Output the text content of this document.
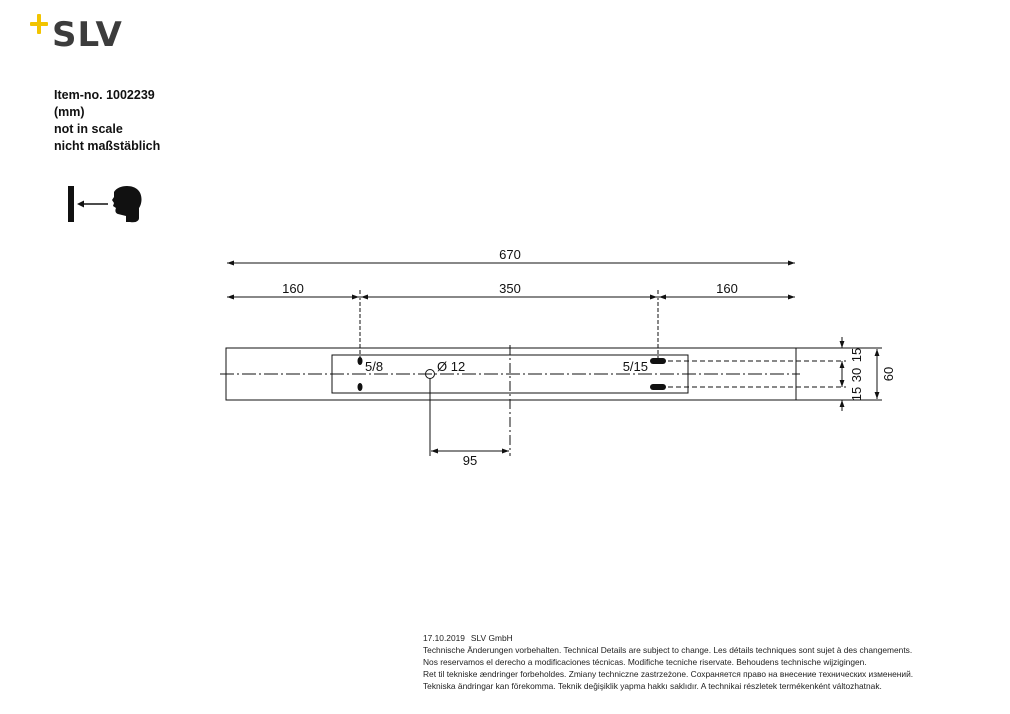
SLV
Item-no. 1002239
(mm)
not in scale
nicht maßstäblich
670
160	350	160
5/8	Ø 12	5/15
95
15
30
15
60
17.10.2019 SLV GmbH
Technische Änderungen vorbehalten. Technical Details are subject to change. Les détails techniques sont sujet à des changements.
Nos reservamos el derecho a modificaciones técnicas. Modifiche tecniche riservate. Behoudens technische wijzigingen.
Ret til tekniske ændringer forbeholdes. Zmiany techniczne zastrzeżone. Сохраняется право на внесение технических изменений.
Tekniska ändringar kan förekomma. Teknik değişiklik yapma hakkı saklıdır. A technikai részletek termékenként változhatnak.
